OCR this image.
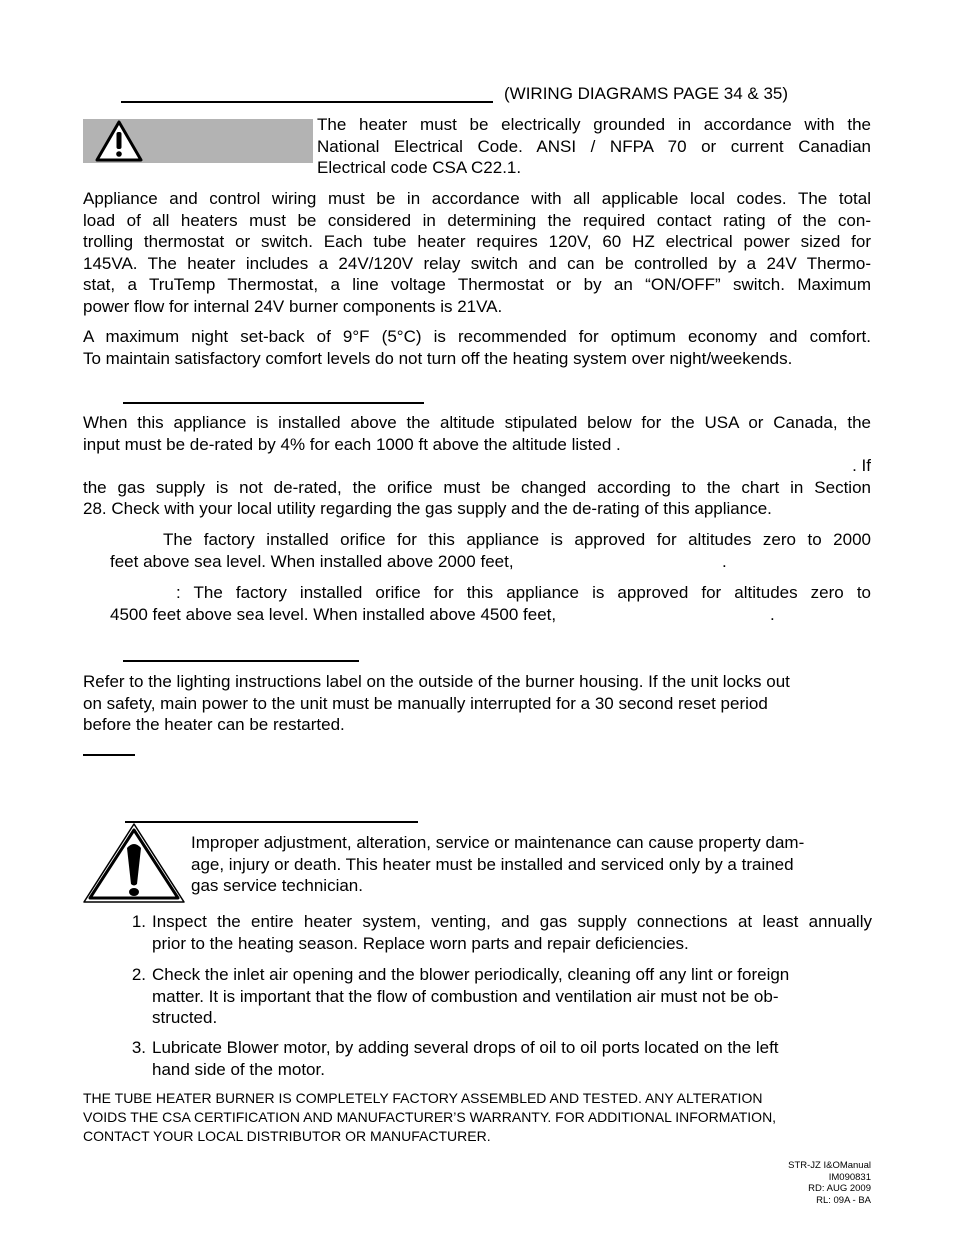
(WIRING DIAGRAMS PAGE 34 & 35)
The heater must be electrically grounded in accordance with the
National Electrical Code. ANSI / NFPA 70 or current Canadian
Electrical code CSA C22.1.
Appliance and control wiring must be in accordance with all applicable local codes. The total
load of all heaters must be considered in determining the required contact rating of the con-
trolling thermostat or switch. Each tube heater requires 120V, 60 HZ electrical power sized for
145VA. The heater includes a 24V/120V relay switch and can be controlled by a 24V Thermo-
stat, a TruTemp Thermostat, a line voltage Thermostat or by an “ON/OFF” switch. Maximum
power flow for internal 24V burner components is 21VA.
A maximum night set-back of 9°F (5°C) is recommended for optimum economy and comfort.
To maintain satisfactory comfort levels do not turn off the heating system over night/weekends.
When this appliance is installed above the altitude stipulated below for the USA or Canada, the
input must be de-rated by 4% for each 1000 ft above the altitude listed .
. If
the gas supply is not de-rated, the orifice must be changed according to the chart in Section
28. Check with your local utility regarding the gas supply and the de-rating of this appliance.
The factory installed orifice for this appliance is approved for altitudes zero to 2000
feet above sea level. When installed above 2000 feet,	.
: The factory installed orifice for this appliance is approved for altitudes zero to
4500 feet above sea level. When installed above 4500 feet,	.
Refer to the lighting instructions label on the outside of the burner housing. If the unit locks out
on safety, main power to the unit must be manually interrupted for a 30 second reset period
before the heater can be restarted.
Improper adjustment, alteration, service or maintenance can cause property dam-
age, injury or death. This heater must be installed and serviced only by a trained
gas service technician.
1. Inspect the entire heater system, venting, and gas supply connections at least annually
prior to the heating season. Replace worn parts and repair deficiencies.
2. Check the inlet air opening and the blower periodically, cleaning off any lint or foreign
matter. It is important that the flow of combustion and ventilation air must not be ob-
structed.
3. Lubricate Blower motor, by adding several drops of oil to oil ports located on the left
hand side of the motor.
THE TUBE HEATER BURNER IS COMPLETELY FACTORY ASSEMBLED AND TESTED. ANY ALTERATION
VOIDS THE CSA CERTIFICATION AND MANUFACTURER’S WARRANTY. FOR ADDITIONAL INFORMATION,
CONTACT YOUR LOCAL DISTRIBUTOR OR MANUFACTURER.
STR-JZ I&OManual
IM090831
RD: AUG 2009
RL: 09A - BA
